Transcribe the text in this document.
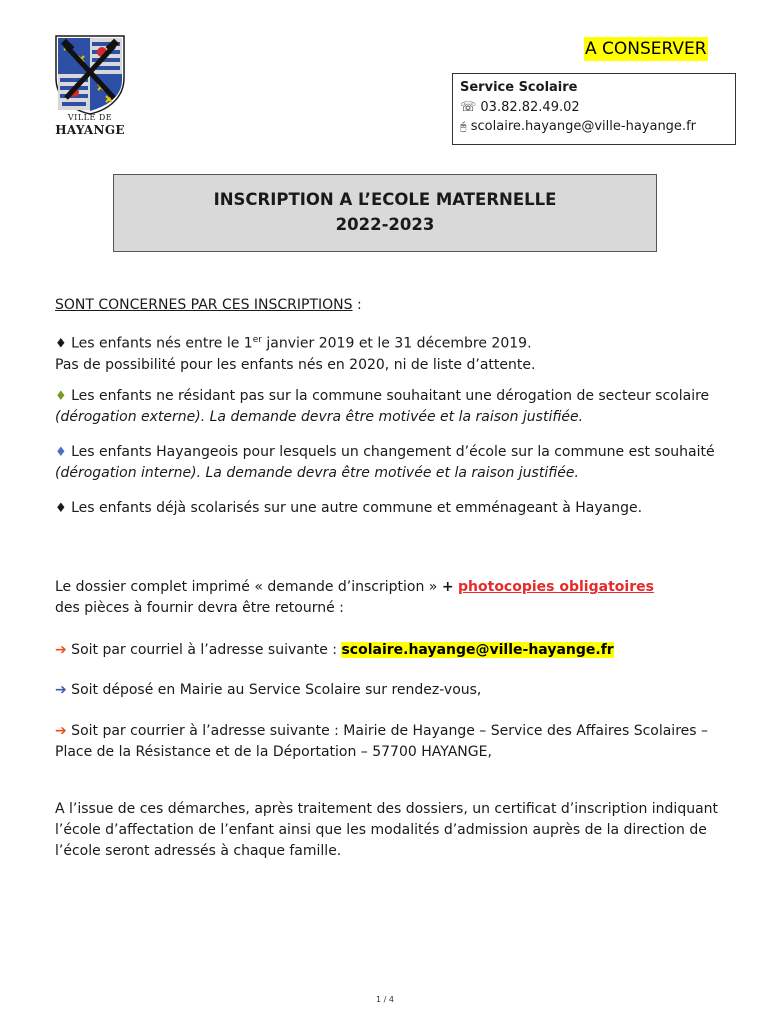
VILLE DE
HAYANGE
A CONSERVER
Service Scolaire
☏ 03.82.82.49.02
🖰 scolaire.hayange@ville-hayange.fr
INSCRIPTION A L’ECOLE MATERNELLE
2022-2023
SONT CONCERNES PAR CES INSCRIPTIONS :
♦ Les enfants nés entre le 1er janvier 2019 et le 31 décembre 2019.
Pas de possibilité pour les enfants nés en 2020, ni de liste d’attente.
♦ Les enfants ne résidant pas sur la commune souhaitant une dérogation de secteur scolaire (dérogation externe). La demande devra être motivée et la raison justifiée.
♦ Les enfants Hayangeois pour lesquels un changement d’école sur la commune est souhaité (dérogation interne). La demande devra être motivée et la raison justifiée.
♦ Les enfants déjà scolarisés sur une autre commune et emménageant à Hayange.
Le dossier complet imprimé « demande d’inscription » + photocopies obligatoires
des pièces à fournir devra être retourné :
➔ Soit par courriel à l’adresse suivante : scolaire.hayange@ville-hayange.fr
➔ Soit déposé en Mairie au Service Scolaire sur rendez-vous,
➔ Soit par courrier à l’adresse suivante : Mairie de Hayange – Service des Affaires Scolaires – Place de la Résistance et de la Déportation – 57700 HAYANGE,
A l’issue de ces démarches, après traitement des dossiers, un certificat d’inscription indiquant l’école d’affectation de l’enfant ainsi que les modalités d’admission auprès de la direction de l’école seront adressés à chaque famille.
1 / 4
